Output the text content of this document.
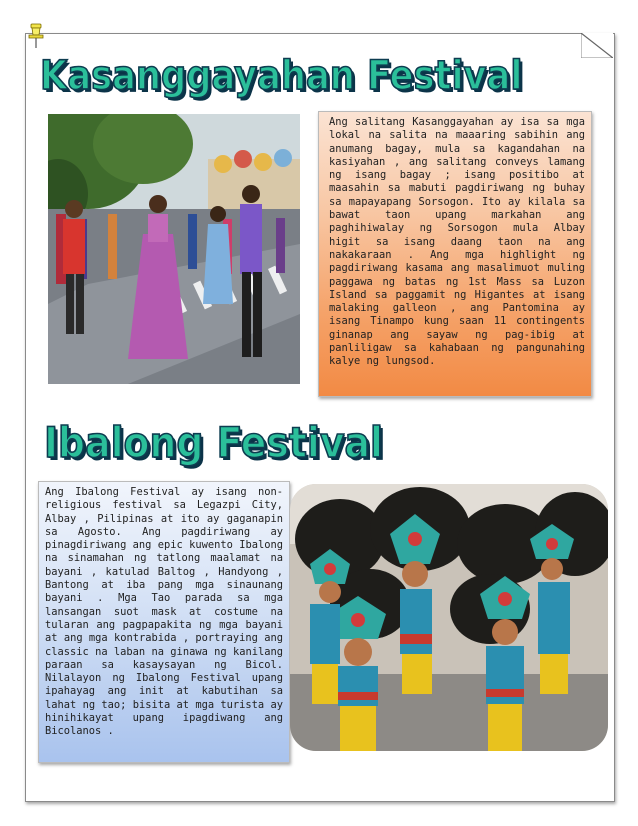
Kasanggayahan Festival

Ang salitang Kasanggayahan ay isa sa mga lokal na salita na maaaring sabihin ang anumang bagay, mula sa kagandahan na kasiyahan , ang salitang conveys lamang ng isang bagay ; isang positibo at maasahin sa mabuti pagdiriwang ng buhay sa mapayapang Sorsogon. Ito ay kilala sa bawat taon upang markahan ang paghihiwalay ng Sorsogon mula Albay higit sa isang daang taon na ang nakakaraan . Ang mga highlight ng pagdiriwang kasama ang masalimuot muling paggawa ng batas ng 1st Mass sa Luzon Island sa paggamit ng Higantes at isang malaking galleon , ang Pantomina ay isang Tinampo kung saan 11 contingents ginanap ang sayaw ng pag-ibig at panliligaw sa kahabaan ng pangunahing kalye ng lungsod.

Ibalong Festival

Ang Ibalong Festival ay isang non-religious festival sa Legazpi City, Albay , Pilipinas at ito ay gaganapin sa Agosto. Ang pagdiriwang ay pinagdiriwang ang epic kuwento Ibalong na sinamahan ng tatlong maalamat na bayani , katulad Baltog , Handyong , Bantong at iba pang mga sinaunang bayani . Mga Tao parada sa mga lansangan suot mask at costume na tularan ang pagpapakita ng mga bayani at ang mga kontrabida , portraying ang classic na laban na ginawa ng kanilang paraan sa kasaysayan ng Bicol. Nilalayon ng Ibalong Festival upang ipahayag ang init at kabutihan sa lahat ng tao; bisita at mga turista ay hinihikayat upang ipagdiwang ang Bicolanos .
